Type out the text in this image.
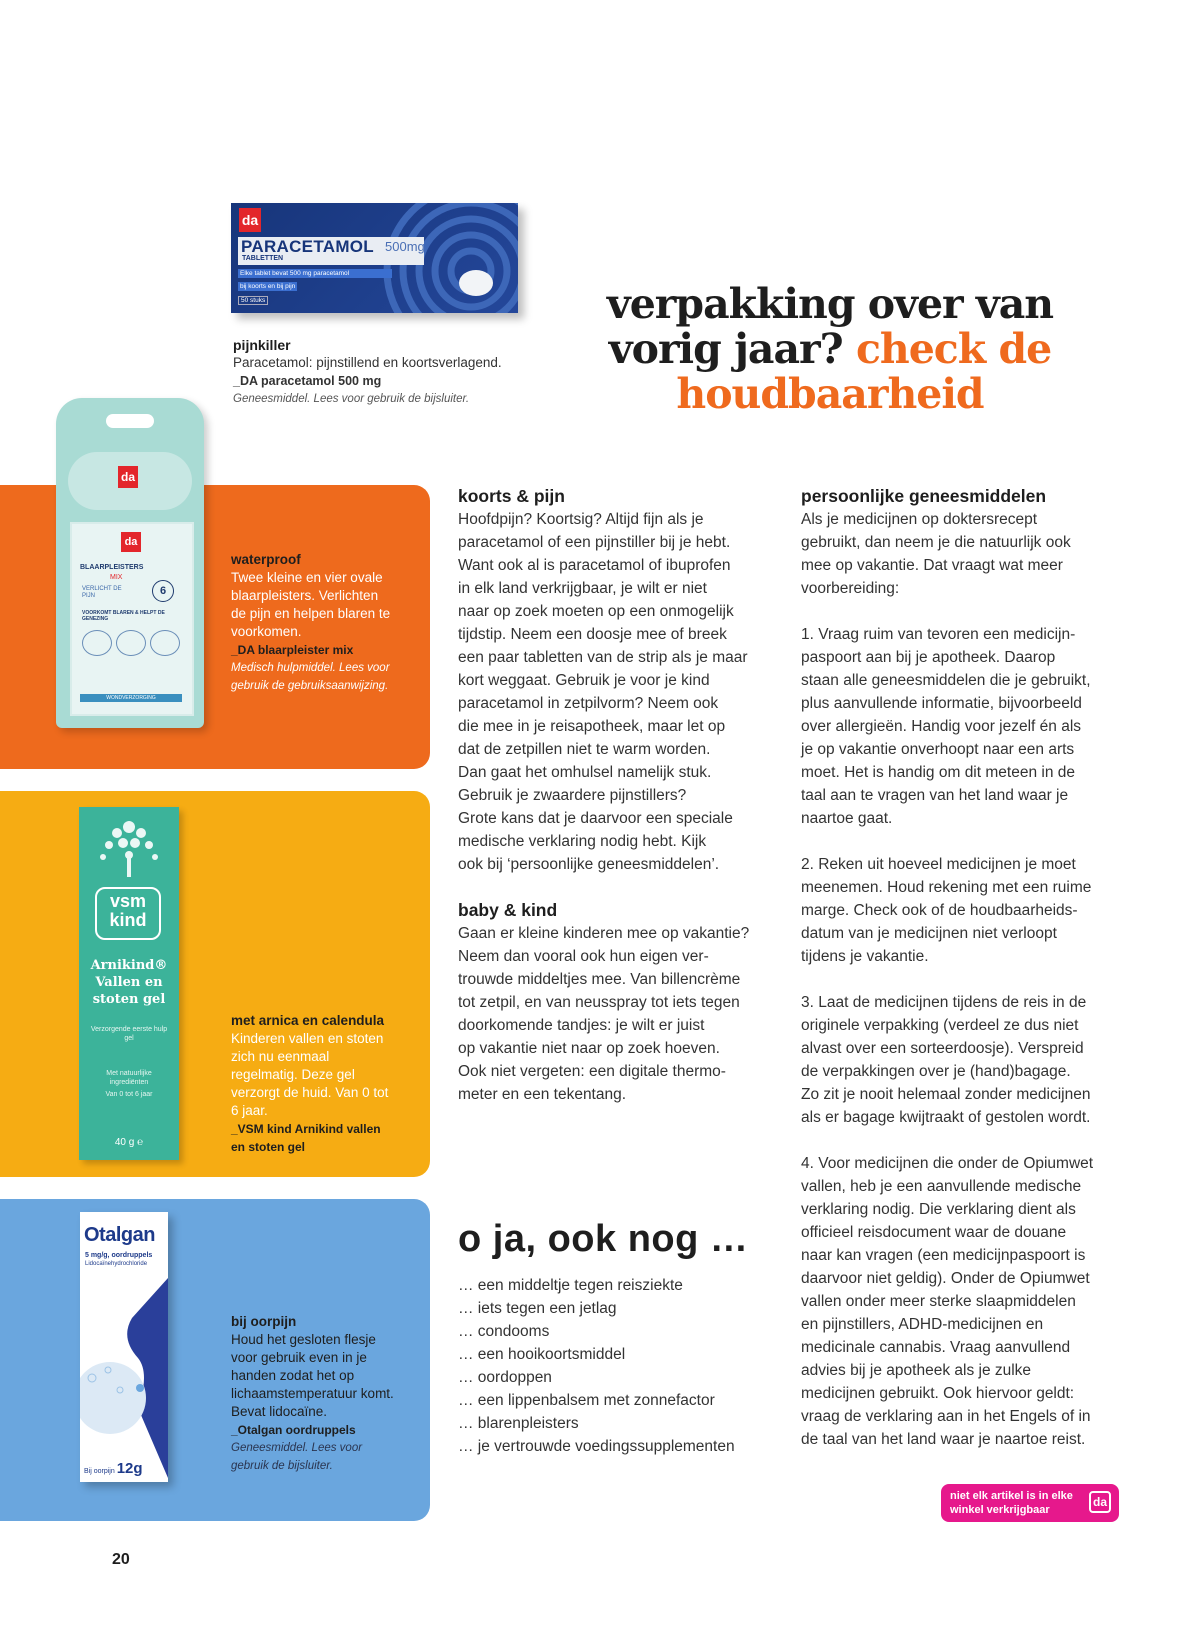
verpakking over van
vorig jaar? check de
houdbaarheid
da
PARACETAMOL 500mg
TABLETTEN
Elke tablet bevat 500 mg paracetamol
bij koorts en bij pijn
50 stuks
pijnkiller
Paracetamol: pijnstillend en koortsverlagend.
_DA paracetamol 500 mg
Geneesmiddel. Lees voor gebruik de bijsluiter.
da
da
BLAARPLEISTERS
MIX
VERLICHT DE PIJN	6
VOORKOMT BLAREN & HELPT DE GENEZING
WONDVERZORGING
waterproof
Twee kleine en vier ovale blaarpleisters. Verlichten de pijn en helpen blaren te voorkomen.
_DA blaarpleister mix
Medisch hulpmiddel. Lees voor gebruik de gebruiksaanwijzing.
vsm
kind
Arnikind® Vallen en stoten gel
Verzorgende eerste hulp gel
Met natuurlijke ingrediënten
Van 0 tot 6 jaar
40 g ℮
met arnica en calendula
Kinderen vallen en stoten zich nu eenmaal regelmatig. Deze gel verzorgt de huid. Van 0 tot 6 jaar.
_VSM kind Arnikind vallen en stoten gel
Otalgan
5 mg/g, oordruppels
Lidocaïnehydrochloride
Bij oorpijn 12g
bij oorpijn
Houd het gesloten flesje voor gebruik even in je handen zodat het op lichaamstemperatuur komt. Bevat lidocaïne.
_Otalgan oordruppels
Geneesmiddel. Lees voor gebruik de bijsluiter.
koorts & pijn

Hoofdpijn? Koortsig? Altijd fijn als je
paracetamol of een pijnstiller bij je hebt.
Want ook al is paracetamol of ibuprofen
in elk land verkrijgbaar, je wilt er niet
naar op zoek moeten op een onmogelijk
tijdstip. Neem een doosje mee of breek
een paar tabletten van de strip als je maar
kort weggaat. Gebruik je voor je kind
paracetamol in zetpilvorm? Neem ook
die mee in je reisapotheek, maar let op
dat de zetpillen niet te warm worden.
Dan gaat het omhulsel namelijk stuk.
Gebruik je zwaardere pijnstillers?
Grote kans dat je daarvoor een speciale
medische verklaring nodig hebt. Kijk
ook bij ‘persoonlijke geneesmiddelen’.

baby & kind

Gaan er kleine kinderen mee op vakantie?
Neem dan vooral ook hun eigen ver-
trouwde middeltjes mee. Van billencrème
tot zetpil, en van neusspray tot iets tegen
doorkomende tandjes: je wilt er juist
op vakantie niet naar op zoek hoeven.
Ook niet vergeten: een digitale thermo-
meter en een tekentang.

o ja, ook nog …
… een middeltje tegen reisziekte
… iets tegen een jetlag
… condooms
… een hooikoortsmiddel
… oordoppen
… een lippenbalsem met zonnefactor
… blarenpleisters
… je vertrouwde voedingssupplementen
persoonlijke geneesmiddelen

Als je medicijnen op doktersrecept
gebruikt, dan neem je die natuurlijk ook
mee op vakantie. Dat vraagt wat meer
voorbereiding:

1. Vraag ruim van tevoren een medicijn-
paspoort aan bij je apotheek. Daarop
staan alle geneesmiddelen die je gebruikt,
plus aanvullende informatie, bijvoorbeeld
over allergieën. Handig voor jezelf én als
je op vakantie onverhoopt naar een arts
moet. Het is handig om dit meteen in de
taal aan te vragen van het land waar je
naartoe gaat.

2. Reken uit hoeveel medicijnen je moet
meenemen. Houd rekening met een ruime
marge. Check ook of de houdbaarheids-
datum van je medicijnen niet verloopt
tijdens je vakantie.

3. Laat de medicijnen tijdens de reis in de
originele verpakking (verdeel ze dus niet
alvast over een sorteerdoosje). Verspreid
de verpakkingen over je (hand)bagage.
Zo zit je nooit helemaal zonder medicijnen
als er bagage kwijtraakt of gestolen wordt.

4. Voor medicijnen die onder de Opiumwet
vallen, heb je een aanvullende medische
verklaring nodig. Die verklaring dient als
officieel reisdocument waar de douane
naar kan vragen (een medicijnpaspoort is
daarvoor niet geldig). Onder de Opiumwet
vallen onder meer sterke slaapmiddelen
en pijnstillers, ADHD-medicijnen en
medicinale cannabis. Vraag aanvullend
advies bij je apotheek als je zulke
medicijnen gebruikt. Ook hiervoor geldt:
vraag de verklaring aan in het Engels of in
de taal van het land waar je naartoe reist.

niet elk artikel is in elke winkel verkrijgbaar
da
20
